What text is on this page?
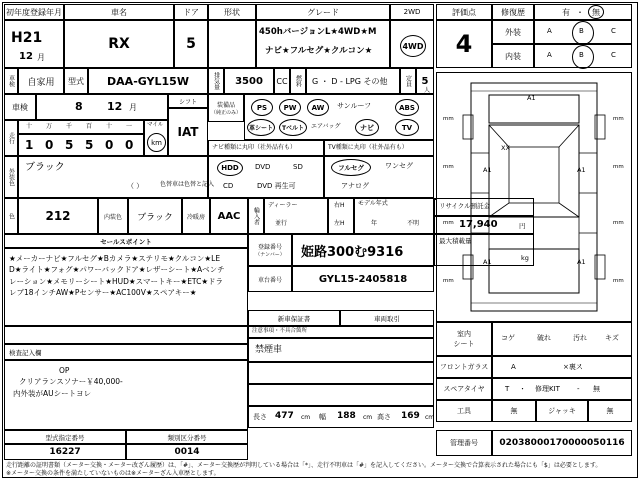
初年度登録年月	車名	ドア	形状	グレード	2WD
H21
12 月
RX	5
450hバージョンL★4WD★M
ナビ★フルセグ★クルコン★	4WD
評価点	修復歴	有 ・ 無
4	外装	A	B	C
内装	A	B	C
車検 自家用 型式 DAA-GYL15W	排気量 3500 CC 燃料 G ・ D - LPG その他	定員 5
人
車検	8 12 月
シフト
IAT
走行
十 万 千 百 十 一
1 0 5 5 0 0
マイル
km
装備品
（純正のみ）
PS PW AW サンルーフ	ABS
革シート Tベルト エアバッグ	ナビ	TV
ナビ種類に丸印（社外品有も）	TV種類に丸印（社外品有も）
HDD DVD	SD
CD	DVD 再生可
フルセグ	ワンセグ
アナログ
外装色
ブラック
（ ）	色替車は色替と記入
色	212	内装色 ブラック 冷暖房 AAC 輪入者
ディーラー
並行
右H
左H
モデル年式
年	不明
登録番号
（ナンバー） 姫路300む9316
車台番号	GYL15-2405818
セールスポイント
★メーカーナビ★フルセグ★Bカメラ★ステリモ★クルコン★LE
D★ライト★フォグ★パワーバックドア★レザーシート★Aベンチ
レーション★メモリーシート★HUD★スマートキー★ETC★ドラ
レブ18インチAW★Pセンサー★AC100V★スペアキー★
検査記入欄
OP
クリアランスソナー￥40,000-
内外装がAUシートヨレ
新車保証書	車両取引
注意事項・不具合箇所
禁煙車
長さ 477 cm 幅 188 cm 高さ 169 cm
型式指定番号	類別区分番号
16227	0014
リサイクル預託金
17,940	円
最大積載量
kg
mm
mm
mm
mm
mm
mm
mm
mm
A1
A1	A1
A1	A1
XX
室内
シート
コゲ	破れ	汚れ	キズ
フロントガラス	A	×裏ス
スペアタイヤ	T ・ 修理KIT - 無
工具	無	ジャッキ	無
管理番号 02038000170000050116
走行距離の証明書類（メーター交換・メーター改ざん履歴）は、「#」、メーター交換歴が判明している場合は「*」、走行不明車は「#」を記入してください。メーター交換で合算表示された場合にも「$」は必要とします。
※メーター交換の条件を満たしていないものは※メーターざん入車歴とします。
